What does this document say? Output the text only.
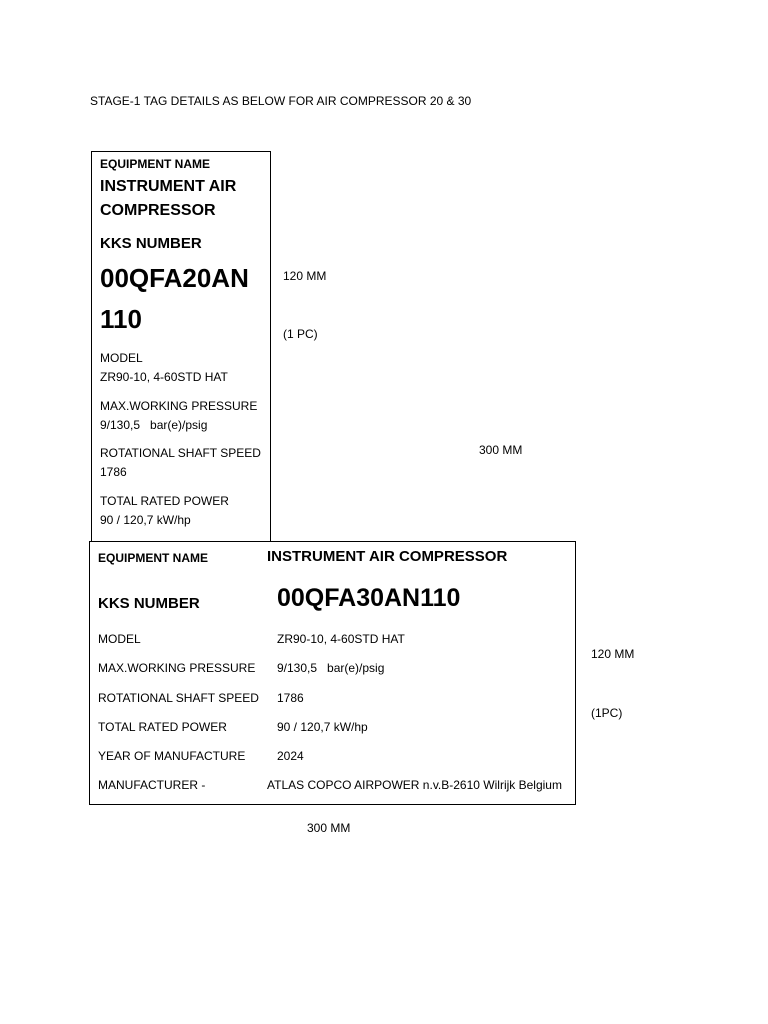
STAGE-1 TAG DETAILS AS BELOW FOR AIR COMPRESSOR 20 & 30
EQUIPMENT NAME
INSTRUMENT AIR
COMPRESSOR
KKS NUMBER
00QFA20AN
110
MODEL
ZR90-10, 4-60STD HAT
MAX.WORKING PRESSURE
9/130,5   bar(e)/psig
ROTATIONAL SHAFT SPEED
1786
TOTAL RATED POWER
90 / 120,7 kW/hp
120 MM
(1 PC)
300 MM
EQUIPMENT NAME	INSTRUMENT AIR COMPRESSOR
KKS NUMBER	00QFA30AN110
MODEL	ZR90-10, 4-60STD HAT
MAX.WORKING PRESSURE 9/130,5   bar(e)/psig
ROTATIONAL SHAFT SPEED 1786
TOTAL RATED POWER	90 / 120,7 kW/hp
YEAR OF MANUFACTURE	2024
MANUFACTURER -	ATLAS COPCO AIRPOWER n.v.B-2610 Wilrijk Belgium
120 MM
(1PC)
300 MM
